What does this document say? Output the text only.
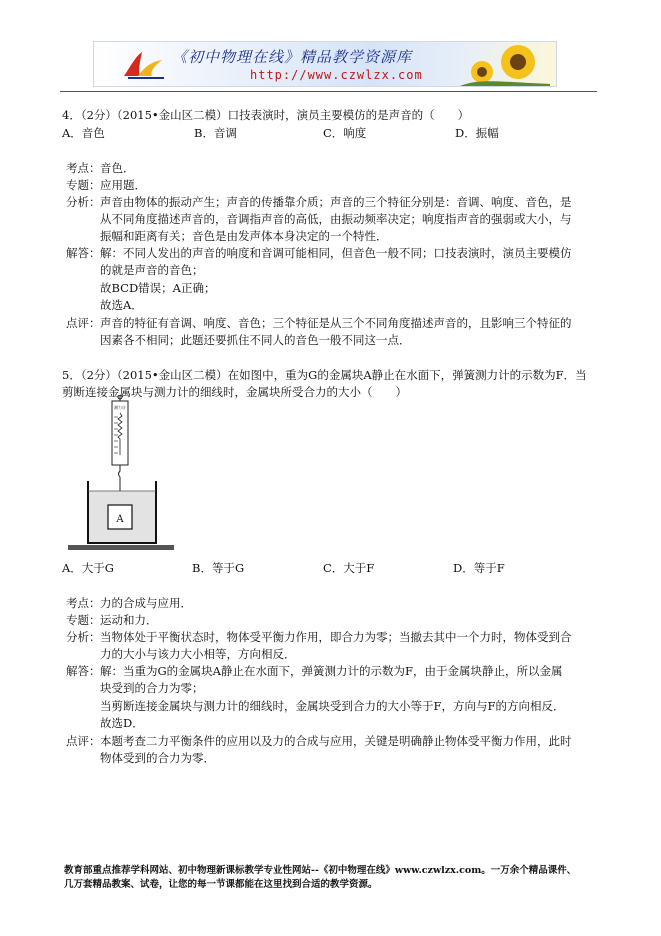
《初中物理在线》精品教学资源库
http://www.czwlzx.com
4．（2分）（2015•金山区二模）口技表演时，演员主要模仿的是声音的（　　）
A．音色	B．音调	C．响度	D．振幅
考点： 音色．
专题： 应用题．
分析： 声音由物体的振动产生；声音的传播靠介质；声音的三个特征分别是：音调、响度、音色，是
从不同角度描述声音的，音调指声音的高低，由振动频率决定；响度指声音的强弱或大小，与
振幅和距离有关；音色是由发声体本身决定的一个特性．
解答： 解：不同人发出的声音的响度和音调可能相同，但音色一般不同；口技表演时，演员主要模仿
的就是声音的音色；
故BCD错误；A正确；
故选A．
点评： 声音的特征有音调、响度、音色；三个特征是从三个不同角度描述声音的，且影响三个特征的
因素各不相同；此题还要抓住不同人的音色一般不同这一点．
5．（2分）（2015•金山区二模）在如图中，重为G的金属块A静止在水面下，弹簧测力计的示数为F．当
剪断连接金属块与测力计的细线时，金属块所受合力的大小（　　）
测力计
A
A．大于G	B．等于G	C．大于F	D．等于F
考点： 力的合成与应用．
专题： 运动和力．
分析： 当物体处于平衡状态时，物体受平衡力作用，即合力为零；当撤去其中一个力时，物体受到合
力的大小与该力大小相等，方向相反．
解答： 解：当重为G的金属块A静止在水面下，弹簧测力计的示数为F，由于金属块静止，所以金属
块受到的合力为零；
当剪断连接金属块与测力计的细线时，金属块受到合力的大小等于F，方向与F的方向相反．
故选D．
点评： 本题考查二力平衡条件的应用以及力的合成与应用，关键是明确静止物体受平衡力作用，此时
物体受到的合力为零．
教育部重点推荐学科网站、初中物理新课标教学专业性网站--《初中物理在线》www.czwlzx.com。一万余个精品课件、
几万套精品教案、试卷，让您的每一节课都能在这里找到合适的教学资源。
